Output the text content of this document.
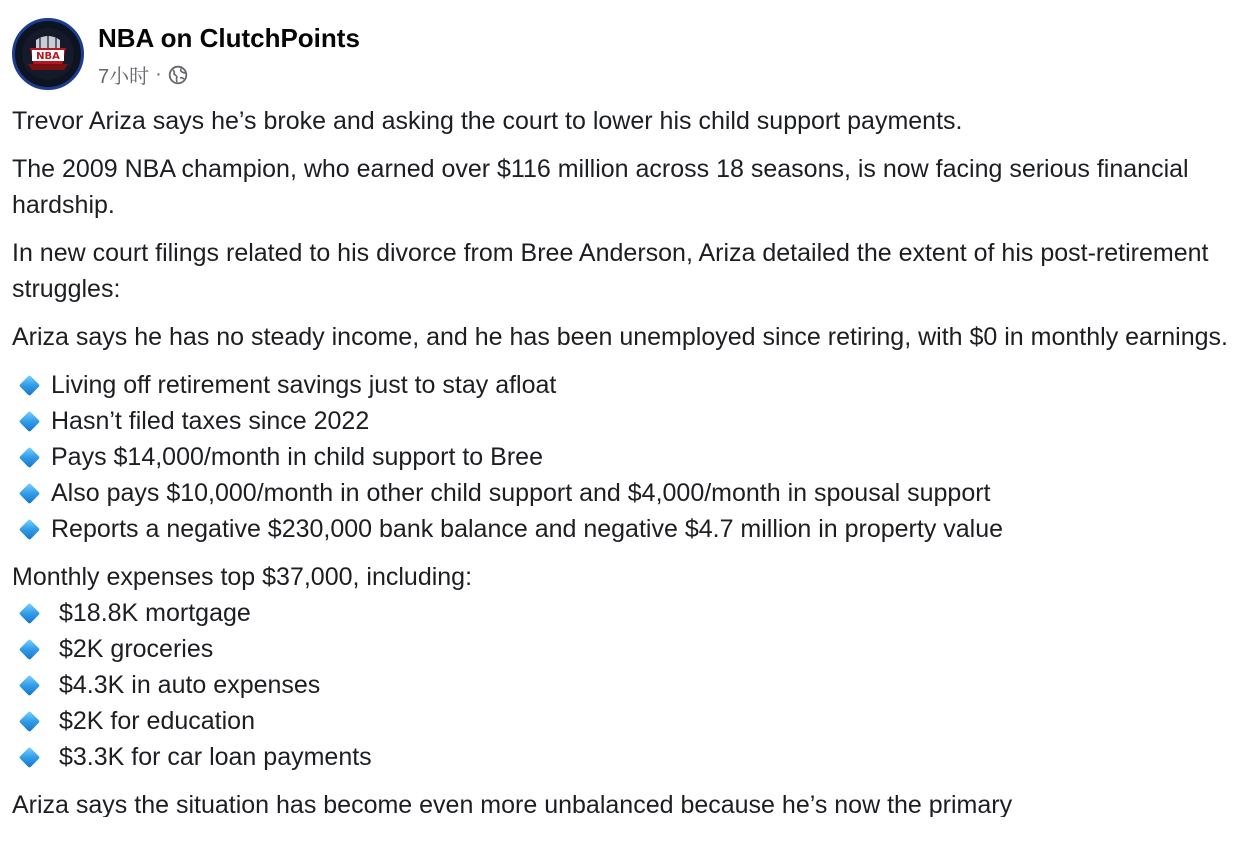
NBA
NBA on ClutchPoints
7小时 ·

Trevor Ariza says he’s broke and asking the court to lower his child support payments.

The 2009 NBA champion, who earned over $116 million across 18 seasons, is now facing serious financial hardship.

In new court filings related to his divorce from Bree Anderson, Ariza detailed the extent of his post-retirement struggles:

Ariza says he has no steady income, and he has been unemployed since retiring, with $0 in monthly earnings.

Living off retirement savings just to stay afloat
Hasn’t filed taxes since 2022
Pays $14,000/month in child support to Bree
Also pays $10,000/month in other child support and $4,000/month in spousal support
Reports a negative $230,000 bank balance and negative $4.7 million in property value

Monthly expenses top $37,000, including:

$18.8K mortgage
$2K groceries
$4.3K in auto expenses
$2K for education
$3.3K for car loan payments

Ariza says the situation has become even more unbalanced because he’s now the primary
